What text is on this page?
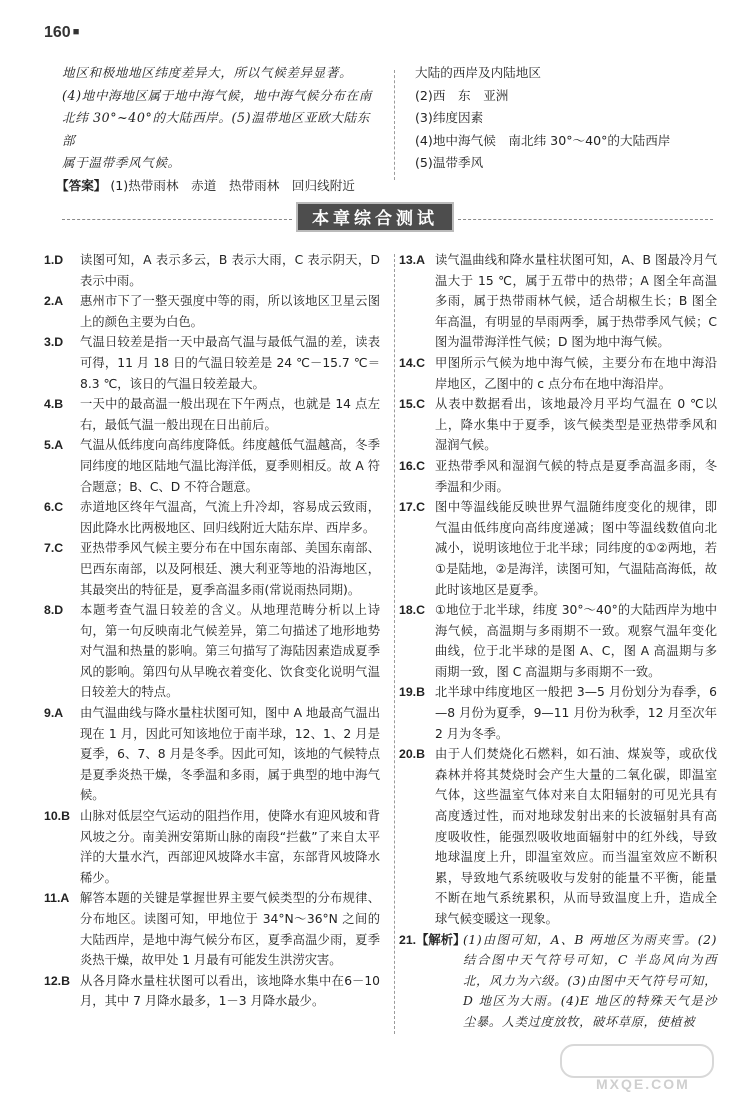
160 ■
地区和极地地区纬度差异大，所以气候差异显著。
(4)地中海地区属于地中海气候，地中海气候分布在南
北纬 30°~40°的大陆西岸。(5)温带地区亚欧大陆东部
属于温带季风气候。
【答案】 (1)热带雨林　赤道　热带雨林　回归线附近
大陆的西岸及内陆地区
(2)西　东　亚洲
(3)纬度因素
(4)地中海气候　南北纬 30°～40°的大陆西岸
(5)温带季风
本章综合测试
1.D	读图可知，A 表示多云，B 表示大雨，C 表示阴天，D 表示中雨。
2.A	惠州市下了一整天强度中等的雨，所以该地区卫星云图上的颜色主要为白色。
3.D	气温日较差是指一天中最高气温与最低气温的差，读表可得，11 月 18 日的气温日较差是 24 ℃－15.7 ℃＝8.3 ℃，该日的气温日较差最大。
4.B	一天中的最高温一般出现在下午两点，也就是 14 点左右，最低气温一般出现在日出前后。
5.A	气温从低纬度向高纬度降低。纬度越低气温越高，冬季同纬度的地区陆地气温比海洋低，夏季则相反。故 A 符合题意；B、C、D 不符合题意。
6.C	赤道地区终年气温高，气流上升冷却，容易成云致雨，因此降水比两极地区、回归线附近大陆东岸、西岸多。
7.C	亚热带季风气候主要分布在中国东南部、美国东南部、巴西东南部，以及阿根廷、澳大利亚等地的沿海地区，其最突出的特征是，夏季高温多雨(常说雨热同期)。
8.D	本题考查气温日较差的含义。从地理范畴分析以上诗句，第一句反映南北气候差异，第二句描述了地形地势对气温和热量的影响。第三句描写了海陆因素造成夏季风的影响。第四句从早晚衣着变化、饮食变化说明气温日较差大的特点。
9.A	由气温曲线与降水量柱状图可知，图中 A 地最高气温出现在 1 月，因此可知该地位于南半球，12、1、2 月是夏季，6、7、8 月是冬季。因此可知，该地的气候特点是夏季炎热干燥，冬季温和多雨，属于典型的地中海气候。
10.B 山脉对低层空气运动的阻挡作用，使降水有迎风坡和背风坡之分。南美洲安第斯山脉的南段“拦截”了来自太平洋的大量水汽，西部迎风坡降水丰富，东部背风坡降水稀少。
11.A 解答本题的关键是掌握世界主要气候类型的分布规律、分布地区。读图可知，甲地位于 34°N～36°N 之间的大陆西岸，是地中海气候分布区，夏季高温少雨，夏季炎热干燥，故甲处 1 月最有可能发生洪涝灾害。
12.B 从各月降水量柱状图可以看出，该地降水集中在6－10 月，其中 7 月降水最多，1－3 月降水最少。
13.A 读气温曲线和降水量柱状图可知，A、B 图最冷月气温大于 15 ℃，属于五带中的热带；A 图全年高温多雨，属于热带雨林气候，适合胡椒生长；B 图全年高温，有明显的旱雨两季，属于热带季风气候；C 图为温带海洋性气候；D 图为地中海气候。
14.C 甲图所示气候为地中海气候，主要分布在地中海沿岸地区，乙图中的 c 点分布在地中海沿岸。
15.C 从表中数据看出，该地最冷月平均气温在 0 ℃以上，降水集中于夏季，该气候类型是亚热带季风和湿润气候。
16.C 亚热带季风和湿润气候的特点是夏季高温多雨，冬季温和少雨。
17.C 图中等温线能反映世界气温随纬度变化的规律，即气温由低纬度向高纬度递减；图中等温线数值向北减小，说明该地位于北半球；同纬度的①②两地，若①是陆地，②是海洋，读图可知，气温陆高海低，故此时该地区是夏季。
18.C ①地位于北半球，纬度 30°～40°的大陆西岸为地中海气候，高温期与多雨期不一致。观察气温年变化曲线，位于北半球的是图 A、C，图 A 高温期与多雨期一致，图 C 高温期与多雨期不一致。
19.B 北半球中纬度地区一般把 3—5 月份划分为春季，6—8 月份为夏季，9—11 月份为秋季，12 月至次年 2 月为冬季。
20.B 由于人们焚烧化石燃料，如石油、煤炭等，或砍伐森林并将其焚烧时会产生大量的二氧化碳，即温室气体，这些温室气体对来自太阳辐射的可见光具有高度透过性，而对地球发射出来的长波辐射具有高度吸收性，能强烈吸收地面辐射中的红外线，导致地球温度上升，即温室效应。而当温室效应不断积累，导致地气系统吸收与发射的能量不平衡，能量不断在地气系统累积，从而导致温度上升，造成全球气候变暖这一现象。
21.【解析】
(1)由图可知，A、B 两地区为雨夹雪。(2)结合图中天气符号可知，C 半岛风向为西北，风力为六级。(3)由图中天气符号可知，D 地区为大雨。(4)E 地区的特殊天气是沙尘暴。人类过度放牧，破坏草原，使植被
MXQE.COM
